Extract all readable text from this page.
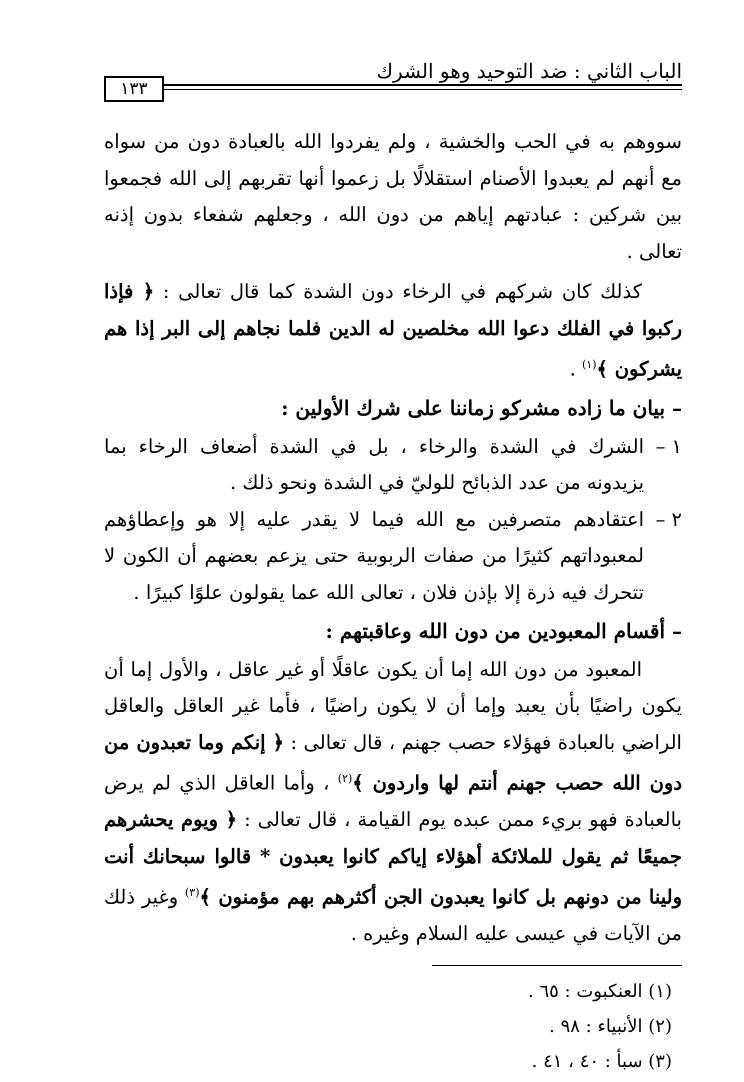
الباب الثاني : ضد التوحيد وهو الشرك
١٣٣

سووهم به في الحب والخشية ، ولم يفردوا الله بالعبادة دون من سواه مع أنهم لم يعبدوا الأصنام استقلالًا بل زعموا أنها تقربهم إلى الله فجمعوا بين شركين : عبادتهم إياهم من دون الله ، وجعلهم شفعاء بدون إذنه تعالى .

كذلك كان شركهم في الرخاء دون الشدة كما قال تعالى : ﴿ فإذا ركبوا في الفلك دعوا الله مخلصين له الدين فلما نجاهم إلى البر إذا هم يشركون ﴾$^{(١)}$ .

– بيان ما زاده مشركو زماننا على شرك الأولين :

١ –
الشرك في الشدة والرخاء ، بل في الشدة أضعاف الرخاء بما يزيدونه من عدد الذبائح للوليّ في الشدة ونحو ذلك .
٢ –
اعتقادهم متصرفين مع الله فيما لا يقدر عليه إلا هو وإعطاؤهم لمعبوداتهم كثيرًا من صفات الربوبية حتى يزعم بعضهم أن الكون لا تتحرك فيه ذرة إلا بإذن فلان ، تعالى الله عما يقولون علوًا كبيرًا .

– أقسام المعبودين من دون الله وعاقبتهم :

المعبود من دون الله إما أن يكون عاقلًا أو غير عاقل ، والأول إما أن يكون راضيًا بأن يعبد وإما أن لا يكون راضيًا ، فأما غير العاقل والعاقل الراضي بالعبادة فهؤلاء حصب جهنم ، قال تعالى : ﴿ إنكم وما تعبدون من دون الله حصب جهنم أنتم لها واردون ﴾$^{(٢)}$ ، وأما العاقل الذي لم يرض بالعبادة فهو بريء ممن عبده يوم القيامة ، قال تعالى : ﴿ ويوم يحشرهم جميعًا ثم يقول للملائكة أهؤلاء إياكم كانوا يعبدون * قالوا سبحانك أنت ولينا من دونهم بل كانوا يعبدون الجن أكثرهم بهم مؤمنون ﴾$^{(٣)}$ وغير ذلك من الآيات في عيسى عليه السلام وغيره .

(١) العنكبوت : ٦٥ .

(٢) الأنبياء : ٩٨ .

(٣) سبأ : ٤٠ ، ٤١ .
